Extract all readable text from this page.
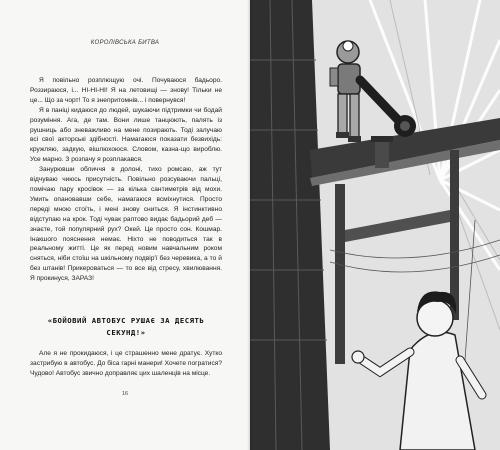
КОРОЛІВСЬКА БИТВА

Я повільно розплющую очі. Почуваюся бадьоро. Роззираюся, і... НІ-НІ-НІ! Я на летовищі — знову! Тільки не це... Що за чорт! То я знепритомнів... і повернувся!

Я в паніці кидаюся до людей, шукаючи підтримки чи бодай розуміння. Ага, де там. Вони лише танцюють, палять із рушниць або зневажливо на мене позирають. Тоді залучаю всі свої акторські здібності. Намагаюся показати безвихідь: кружляю, задкую, вішлюхоюся. Словом, казна-що вироблю. Усе марно. З розпачу я розплакався.

Занурювши обличчя в долоні, тихо ромсаю, аж тут відчуваю чиюсь присутність. Повільно розсуваючи пальці, помічаю пару кросівок — за кілька сантиметрів від мохи. Умить опановавши себе, намагаюся всміхнутися. Просто переді мною стоїть, і мені знову сниться. Я інстинктивно відступаю на крок. Тоді чувак раптово видає бадьорий деб — знаєте, той популярний рух? Окей. Це просто сон. Кошмар. Інакшого пояснення немає. Ніхто не поводиться так в реальному житті. Це як перед новим навчальним роком сняться, ніби стоїш на шкільному подвір'ї без черевика, а то й без штанів! Прикероваться — то все від стресу, хвилювання. Я прокинуся, ЗАРАЗ!

«БОЙОВИЙ АВТОБУС РУШАЄ ЗА ДЕСЯТЬ СЕКУНД!»

Але я не прокидаюся, і це страшенно мене дратує. Хутко застрибую в автобус. До біса гарні манери! Хочете погратися? Чудово! Автобус звично доправляє цих шаленців на місце.

16
